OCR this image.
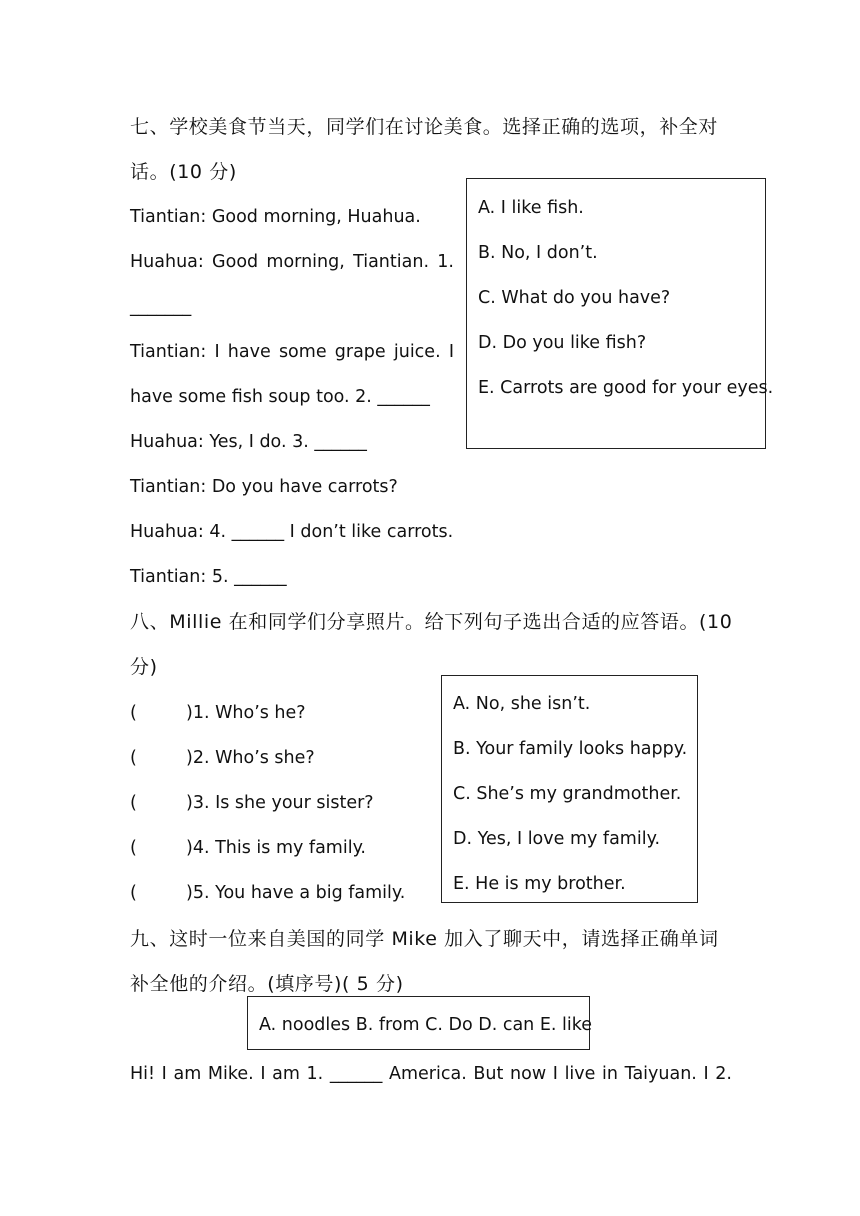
七、学校美食节当天，同学们在讨论美食。选择正确的选项，补全对
话。(10 分)
Tiantian: Good morning, Huahua.
Huahua: Good morning, Tiantian. 1.
_______
Tiantian: I have some grape juice. I
have some fish soup too. 2. ______
Huahua: Yes, I do. 3. ______
Tiantian: Do you have carrots?
Huahua: 4. ______ I don’t like carrots.
Tiantian: 5. ______
A. I like fish.
B. No, I don’t.
C. What do you have?
D. Do you like fish?
E. Carrots are good for your eyes.
八、Millie 在和同学们分享照片。给下列句子选出合适的应答语。(10
分)
(	)1. Who’s he?
(	)2. Who’s she?
(	)3. Is she your sister?
(	)4. This is my family.
(	)5. You have a big family.
A. No, she isn’t.
B. Your family looks happy.
C. She’s my grandmother.
D. Yes, I love my family.
E. He is my brother.
九、这时一位来自美国的同学 Mike 加入了聊天中，请选择正确单词
补全他的介绍。(填序号)( 5 分)
A. noodles B. from C. Do D. can E. like
Hi! I am Mike. I am 1. ______ America. But now I live in Taiyuan. I 2.
